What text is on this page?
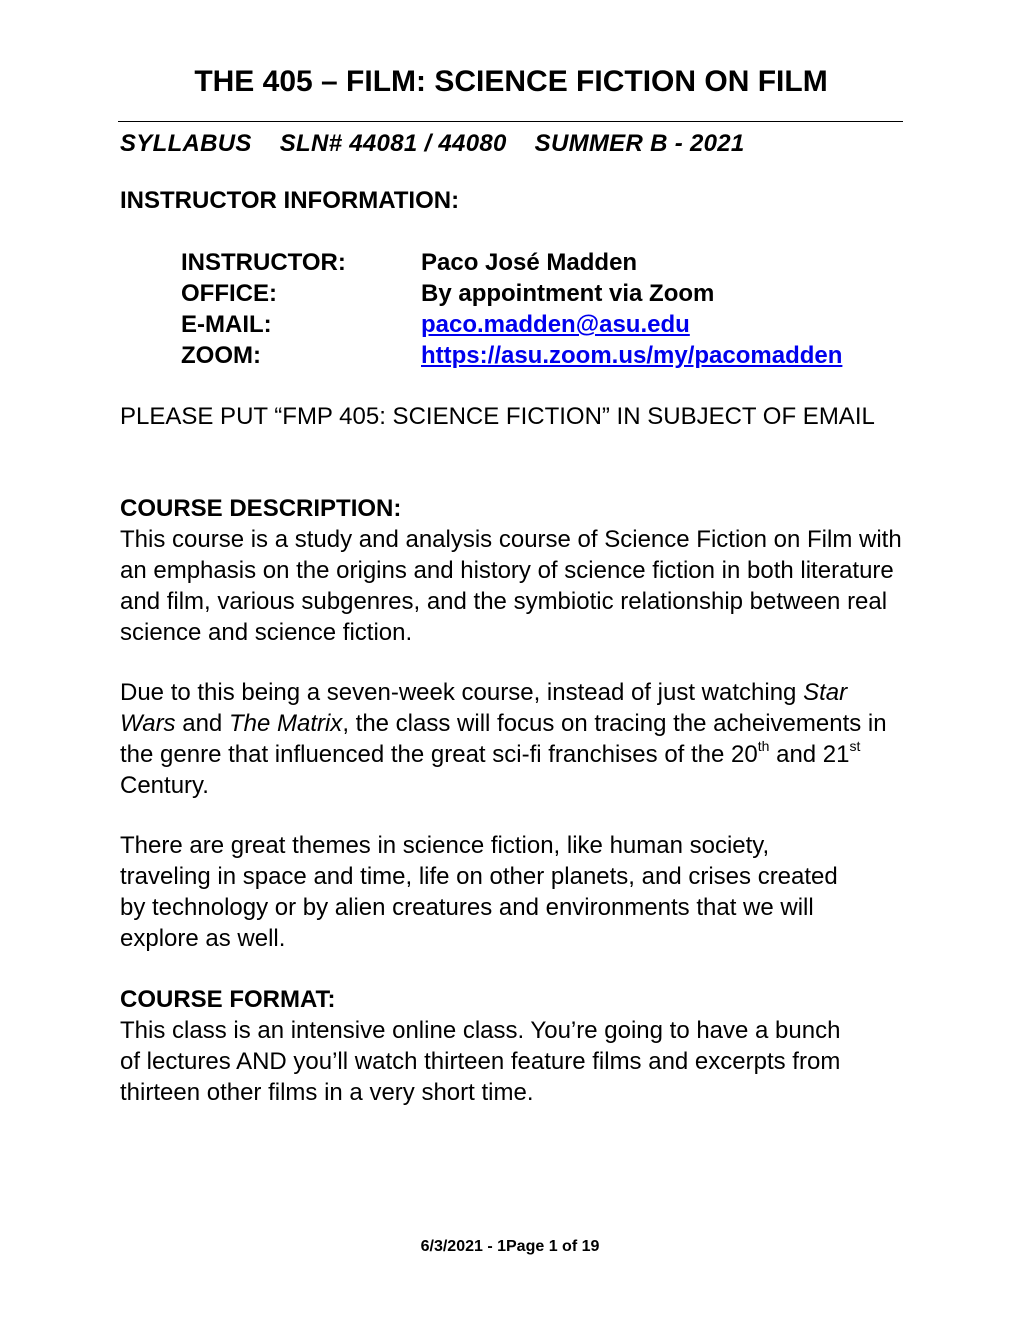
THE 405 – FILM: SCIENCE FICTION ON FILM
SYLLABUS SLN# 44081 / 44080 SUMMER B - 2021
INSTRUCTOR INFORMATION:
INSTRUCTOR:	Paco José Madden
OFFICE:	By appointment via Zoom
E-MAIL:	paco.madden@asu.edu
ZOOM:	https://asu.zoom.us/my/pacomadden
PLEASE PUT “FMP 405: SCIENCE FICTION” IN SUBJECT OF EMAIL
COURSE DESCRIPTION:

This course is a study and analysis course of Science Fiction on Film with an emphasis on the origins and history of science fiction in both literature and film, various subgenres, and the symbiotic relationship between real science and science fiction.

Due to this being a seven-week course, instead of just watching Star Wars and The Matrix, the class will focus on tracing the acheivements in the genre that influenced the great sci-fi franchises of the 20th and 21st Century.

There are great themes in science fiction, like human society, traveling in space and time, life on other planets, and crises created by technology or by alien creatures and environments that we will explore as well.

COURSE FORMAT:

This class is an intensive online class. You’re going to have a bunch of lectures AND you’ll watch thirteen feature films and excerpts from thirteen other films in a very short time.

6/3/2021 - 1Page 1 of 19
